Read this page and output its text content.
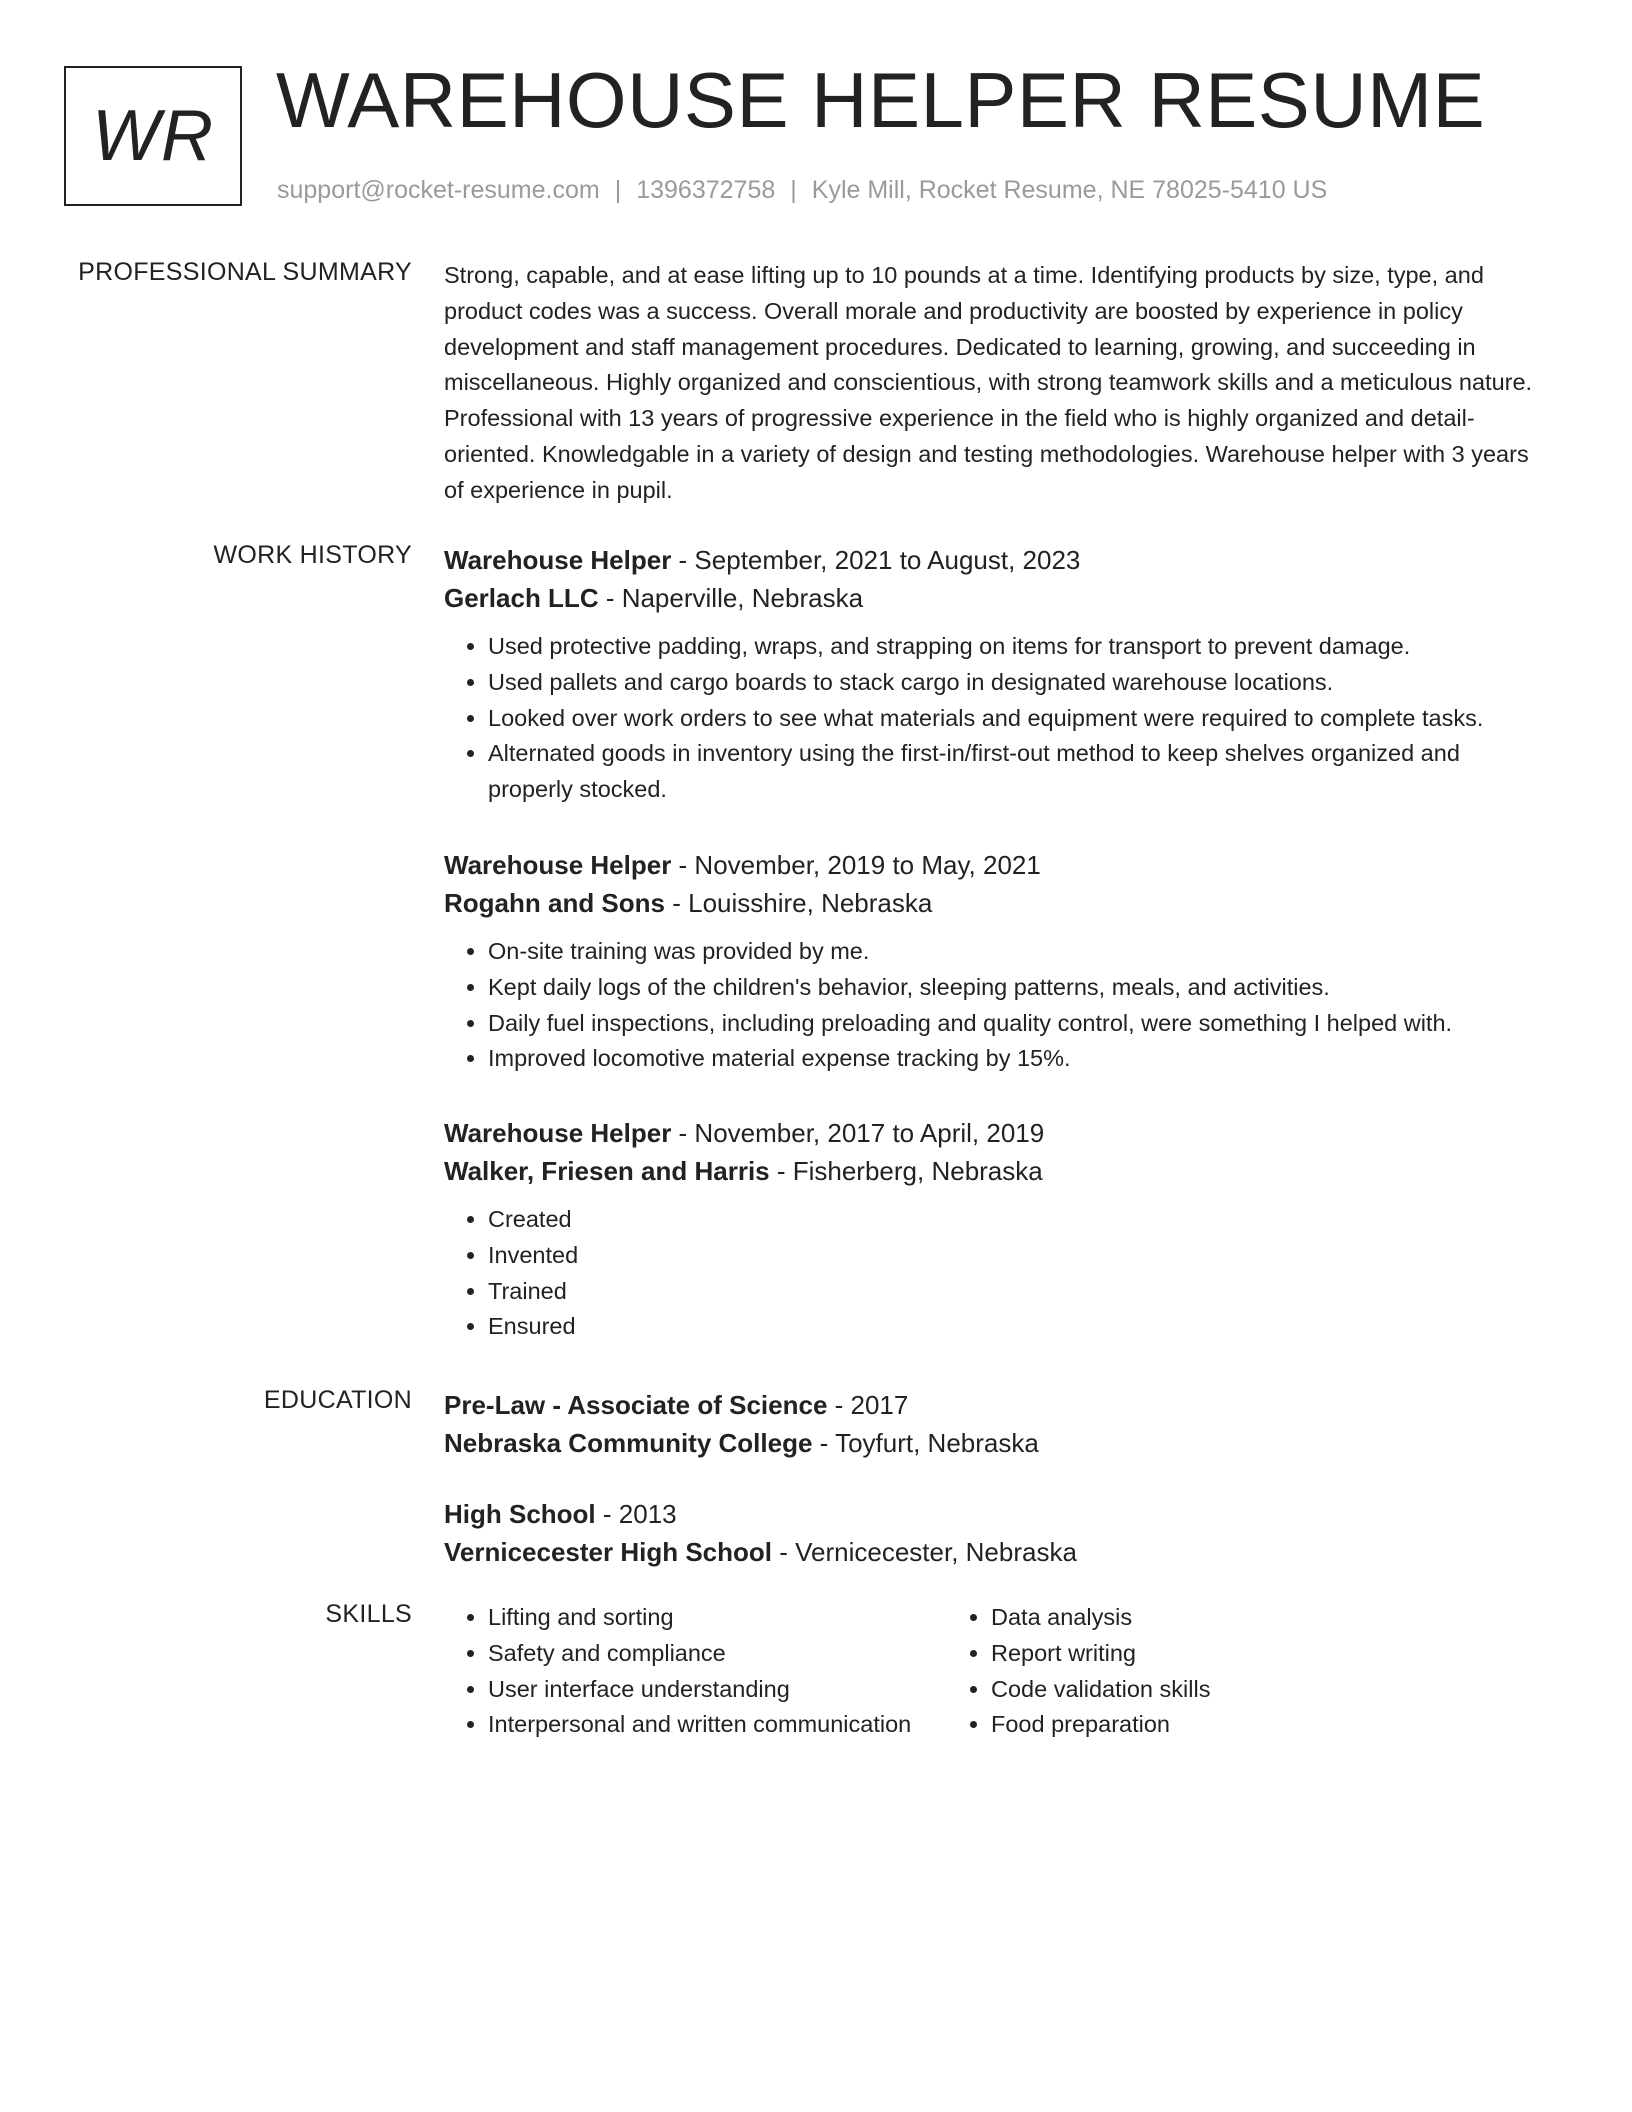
WR WAREHOUSE HELPER RESUME
support@rocket-resume.com | 1396372758 | Kyle Mill, Rocket Resume, NE 78025-5410 US
PROFESSIONAL SUMMARY Strong, capable, and at ease lifting up to 10 pounds at a time. Identifying products by size, type, and product codes was a success. Overall morale and productivity are boosted by experience in policy development and staff management procedures. Dedicated to learning, growing, and succeeding in miscellaneous. Highly organized and conscientious, with strong teamwork skills and a meticulous nature. Professional with 13 years of progressive experience in the field who is highly organized and detail-oriented. Knowledgable in a variety of design and testing methodologies. Warehouse helper with 3 years of experience in pupil.

WORK HISTORY Warehouse Helper - September, 2021 to August, 2023
Gerlach LLC - Naperville, Nebraska
• Used protective padding, wraps, and strapping on items for transport to prevent damage.
• Used pallets and cargo boards to stack cargo in designated warehouse locations.
• Looked over work orders to see what materials and equipment were required to complete tasks.
• Alternated goods in inventory using the first-in/first-out method to keep shelves organized and properly stocked.
Warehouse Helper - November, 2019 to May, 2021
Rogahn and Sons - Louisshire, Nebraska
• On-site training was provided by me.
• Kept daily logs of the children's behavior, sleeping patterns, meals, and activities.
• Daily fuel inspections, including preloading and quality control, were something I helped with.
• Improved locomotive material expense tracking by 15%.
Warehouse Helper - November, 2017 to April, 2019
Walker, Friesen and Harris - Fisherberg, Nebraska
• Created
• Invented
• Trained
• Ensured
EDUCATION Pre-Law - Associate of Science - 2017
Nebraska Community College - Toyfurt, Nebraska
High School - 2013
Vernicecester High School - Vernicecester, Nebraska
SKILLS
•	Lifting and sorting
• Safety and compliance
• User interface understanding
• Interpersonal and written communication
• Data analysis
• Report writing
• Code validation skills
• Food preparation
